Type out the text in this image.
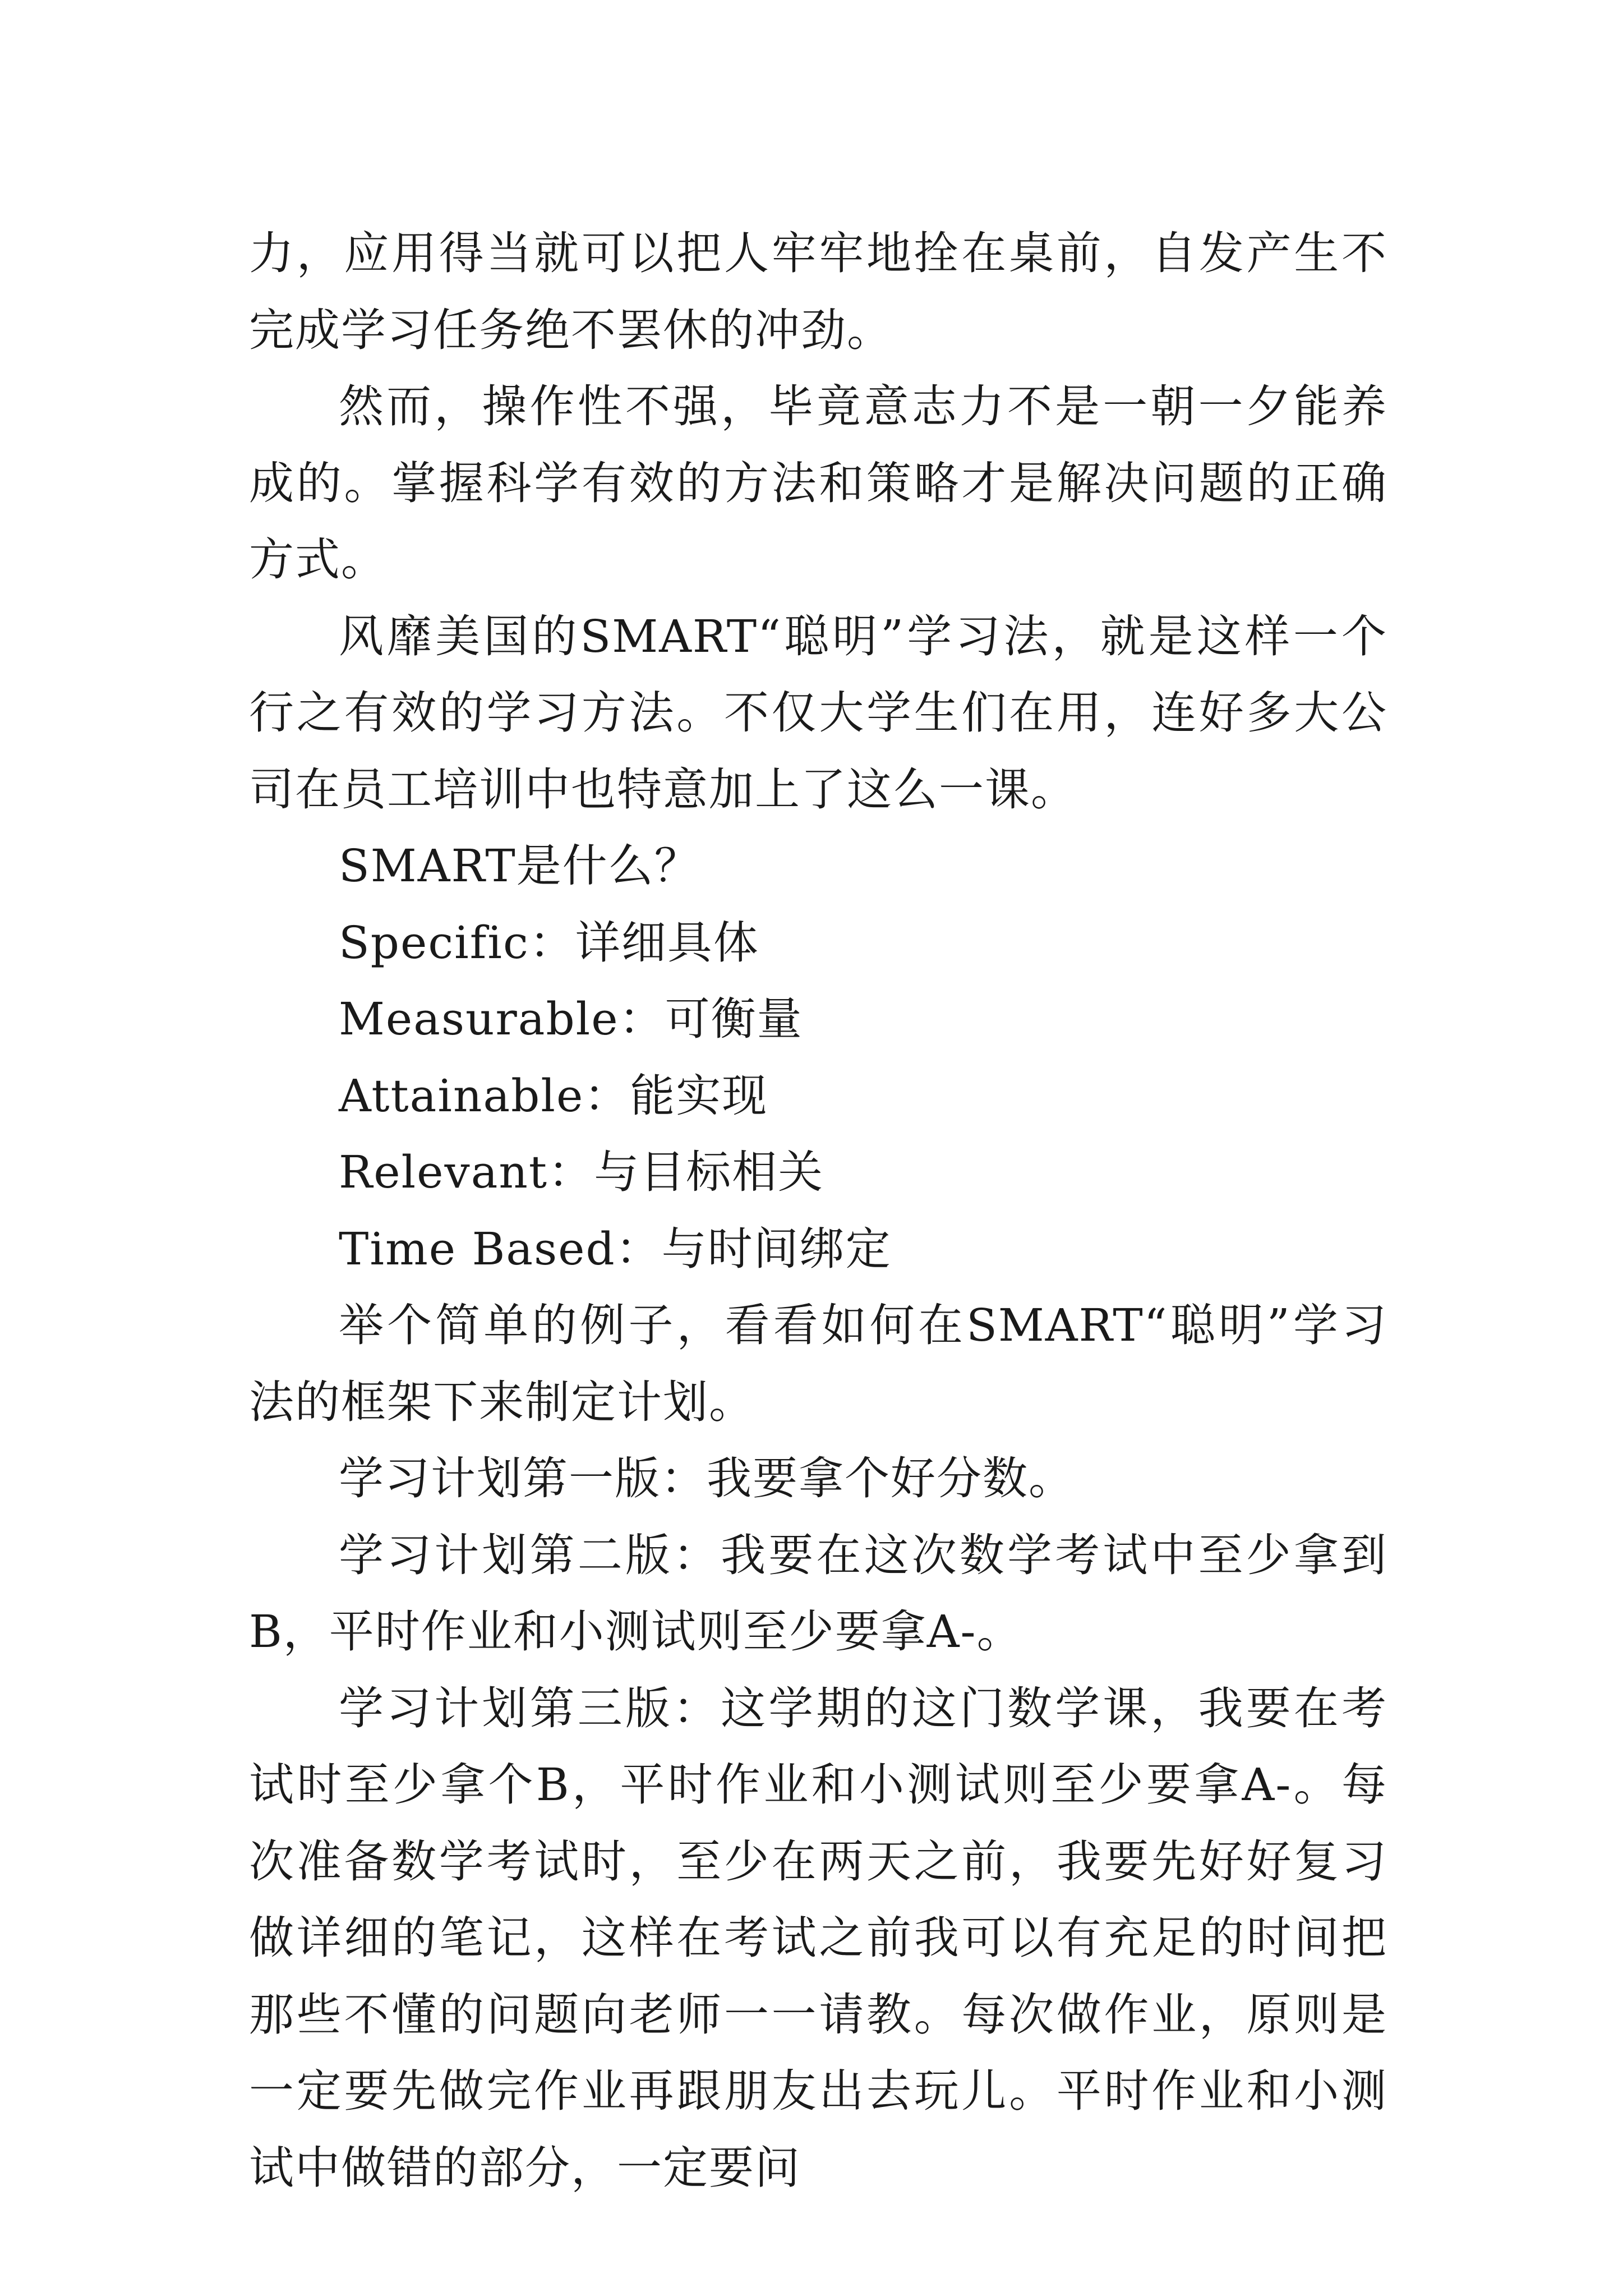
力，应用得当就可以把人牢牢地拴在桌前，自发产生不完成学习任务绝不罢休的冲劲。

然而，操作性不强，毕竟意志力不是一朝一夕能养成的。掌握科学有效的方法和策略才是解决问题的正确方式。

风靡美国的SMART“聪明”学习法，就是这样一个行之有效的学习方法。不仅大学生们在用，连好多大公司在员工培训中也特意加上了这么一课。

SMART是什么？

Specific：详细具体

Measurable：可衡量

Attainable：能实现

Relevant：与目标相关

Time Based：与时间绑定

举个简单的例子，看看如何在SMART“聪明”学习法的框架下来制定计划。

学习计划第一版：我要拿个好分数。

学习计划第二版：我要在这次数学考试中至少拿到B，平时作业和小测试则至少要拿A-。

学习计划第三版：这学期的这门数学课，我要在考试时至少拿个B，平时作业和小测试则至少要拿A-。每次准备数学考试时，至少在两天之前，我要先好好复习做详细的笔记，这样在考试之前我可以有充足的时间把那些不懂的问题向老师一一请教。每次做作业，原则是一定要先做完作业再跟朋友出去玩儿。平时作业和小测试中做错的部分，一定要问
